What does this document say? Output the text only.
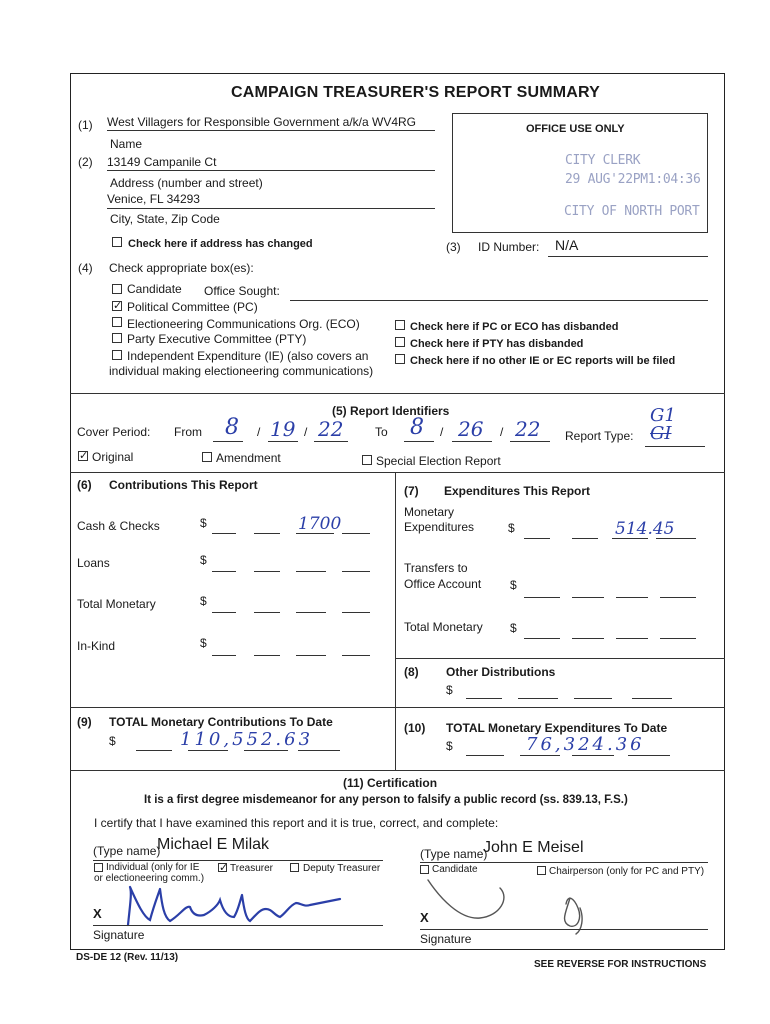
CAMPAIGN TREASURER'S REPORT SUMMARY
(1) West Villagers for Responsible Government a/k/a WV4RG
Name
(2) 13149 Campanile Ct
Address (number and street)
Venice, FL 34293
City, State, Zip Code
Check here if address has changed
OFFICE USE ONLY
CITY CLERK
29 AUG'22PM1:04:36
CITY OF NORTH PORT
(3) ID Number: N/A
(4) Check appropriate box(es):
Candidate Office Sought:
✓
Political Committee (PC)
Electioneering Communications Org. (ECO)
Party Executive Committee (PTY)
Independent Expenditure (IE) (also covers an
individual making electioneering communications)
Check here if PC or ECO has disbanded
Check here if PTY has disbanded
Check here if no other IE or EC reports will be filed
(5) Report Identifiers
Cover Period: From 8 / 19 / 22	To 8 / 26 / 22 Report Type:
G1
GI
✓
Original	Amendment	Special Election Report
(6) Contributions This Report
Cash & Checks	$	1700
Loans	$
Total Monetary	$
In-Kind	$
(7) Expenditures This Report
Monetary
Expenditures	$	514.45
Transfers to
Office Account $
Total Monetary $
(8) Other Distributions
$
(9) TOTAL Monetary Contributions To Date
$	110,552.63
(10) TOTAL Monetary Expenditures To Date
$	76,324.36
(11) Certification
It is a first degree misdemeanor for any person to falsify a public record (ss. 839.13, F.S.)
I certify that I have examined this report and it is true, correct, and complete:
(Type name)
Michael E Milak
(Type name)
John E Meisel
Individual (only for IE
or electioneering comm.)
✓
Treasurer	Deputy Treasurer	Candidate	Chairperson (only for PC and PTY)
X
Signature
X
Signature
DS-DE 12 (Rev. 11/13)
SEE REVERSE FOR INSTRUCTIONS
